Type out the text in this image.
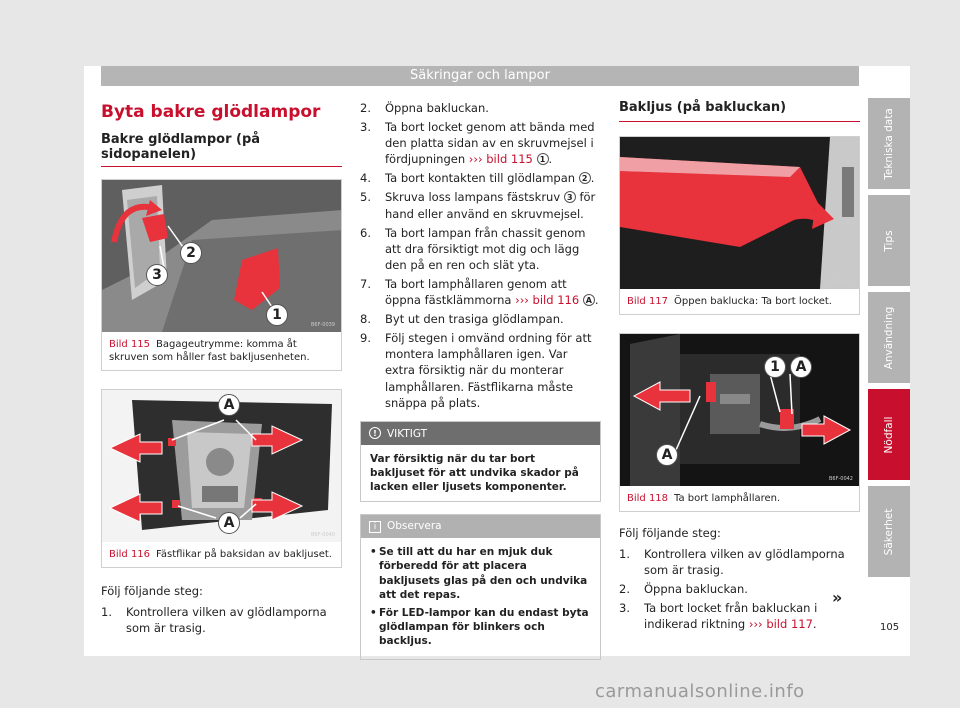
Säkringar och lampor
Byta bakre glödlampor
Bakre glödlampor (på sidopanelen)
2
3
1
B6F-0039
Bild 115 Bagageutrymme: komma åt skruven som håller fast bakljusenheten.
A
A
B6F-0040
Bild 116 Fästflikar på baksidan av bakljuset.

Följ följande steg:

1. Kontrollera vilken av glödlamporna som är trasig.
2. Öppna bakluckan.
3. Ta bort locket genom att bända med den platta sidan av en skruvmejsel i fördjupningen ››› bild 115 1 .
4. Ta bort kontakten till glödlampan 2 .
5. Skruva loss lampans fästskruv 3 för hand eller använd en skruvmejsel.
6. Ta bort lampan från chassit genom att dra försiktigt mot dig och lägg den på en ren och slät yta.
7. Ta bort lamphållaren genom att öppna fästklämmorna ››› bild 116 A .
8. Byt ut den trasiga glödlampan.
9. Följ stegen i omvänd ordning för att montera lamphållaren igen. Var extra försiktig när du monterar lamphållaren. Fästflikarna måste snäppa på plats.
! VIKTIGT
Var försiktig när du tar bort bakljuset för att undvika skador på lacken eller ljusets komponenter.
i Observera
• Se till att du har en mjuk duk förberedd för att placera bakljusets glas på den och undvika att det repas.
• För LED-lampor kan du endast byta glödlampan för blinkers och backljus.
Bakljus (på bakluckan)
B6F-0041
Bild 117 Öppen baklucka: Ta bort locket.
1	A
A
B6F-0042
Bild 118 Ta bort lamphållaren.

Följ följande steg:

1. Kontrollera vilken av glödlamporna som är trasig.
2. Öppna bakluckan.
3. Ta bort locket från bakluckan i indikerad riktning ››› bild 117.
»
Tekniska data
Tips
Användning
Nödfall
Säkerhet
105
carmanualsonline.info
